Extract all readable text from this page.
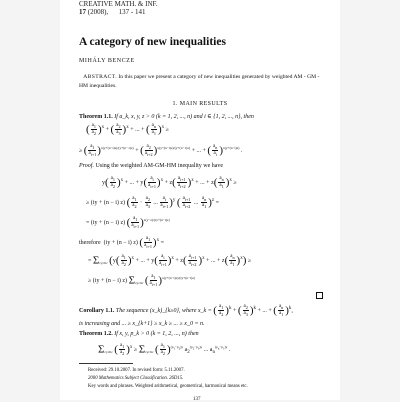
CREATIVE MATH. & INF.
17 (2008), 137 - 141
A category of new inequalities
MIHÁLY BENCZE
ABSTRACT. In this paper we present a category of new inequalities generated by weighted AM - GM - HM inequalities.
1. MAIN RESULTS
Theorem 1.1. If a_k, x, y, z > 0 (k = 1, 2, ..., n) and i ∈ {1, 2, ..., n}, then
( $\frac{a_1}{a_2} )^x$ + ( $\frac{a_2}{a_3} )^x$ + ... + ( $\frac{a_n}{a_1} )^x$ ≥
≥ ( $\frac{a_1}{a_{i+1}} )^{x(y+(n-i)z)/(y+(n-1)z)}$ + ( $\frac{a_2}{a_{i+2}} )^{x(y+(n-i)z)/(y+(n-1)z)}$ + ... + ( $\frac{a_n}{a_i} )^{x(y+(n-i)z)}$ .
Proof. Using the weighted AM-GM-HM inequality we have
$y( \frac{a_1}{a_2} )^x$ + ... + $y( \frac{a_i}{a_{i+1}} )^x + z( \frac{a_{i+1}}{a_{i+2}} )^x$ + ... + $z( \frac{a_n}{a_1} )^x$ ≥
≥ (iy + (n − i) z) ( $\frac{a_1}{a_2} \cdot \frac{a_2}{a_3}$ ... $\frac{a_i}{a_{i+1}} )^y$ ( $\frac{a_{i+1}}{a_{i+2}}$ ... $\frac{a_n}{a_1} )^z$ =
= (iy + (n − i) z) ( $\frac{a_1}{a_{i+1}} )^{x(y-z)/(iy+(n-i)z)}$
therefore  (iy + (n − i) z) ( $\frac{a_1}{a_{i+1}} )^x$ =
= $\Sigma_{cyclic}$ ($y( \frac{a_1}{a_2} )^x$ + ... + $y( \frac{a_i}{a_{i+1}} )^x + z( \frac{a_{i+1}}{a_{i+2}} )^x$ + ... + $z( \frac{a_n}{a_1} )^x$) ≥
≥ (iy + (n − i) z) $\Sigma_{cyclic}$ ( $\frac{a_1}{a_{i+1}} )^{x(y+(n-i)z)/(iy+(n-i)z)}$
Corollary 1.1. The sequence (x_k)_{k≥0}, where x_k = ( $\frac{a_1}{a_2} )^k$ + ( $\frac{a_2}{a_3} )^k$ + ... + ( $\frac{a_n}{a_1} )^k$,
is increasing and ... ≥ x_{k+1} ≥ x_k ≥ ... ≥ x_0 = n.
Theorem 1.2. If x, y, p_k > 0 (k = 1, 2, ..., n) then
$\Sigma_{cyclic}$ ( $\frac{a_1}{a_2} )^x \ge \Sigma_{cyclic}$ ( $\frac{a_1}{a_2} )^{(p_1-p_2)y}$ $a_2^{(p_2-p_3)y}$ ... $a_n^{(p_n-p_1)y}$ .
Received: 29.10.2007. In revised form: 5.11.2007.
2000 Mathematics Subject Classification. 26D15.
Key words and phrases. Weighted arithmetical, geometrical, harmonical means etc.
137
